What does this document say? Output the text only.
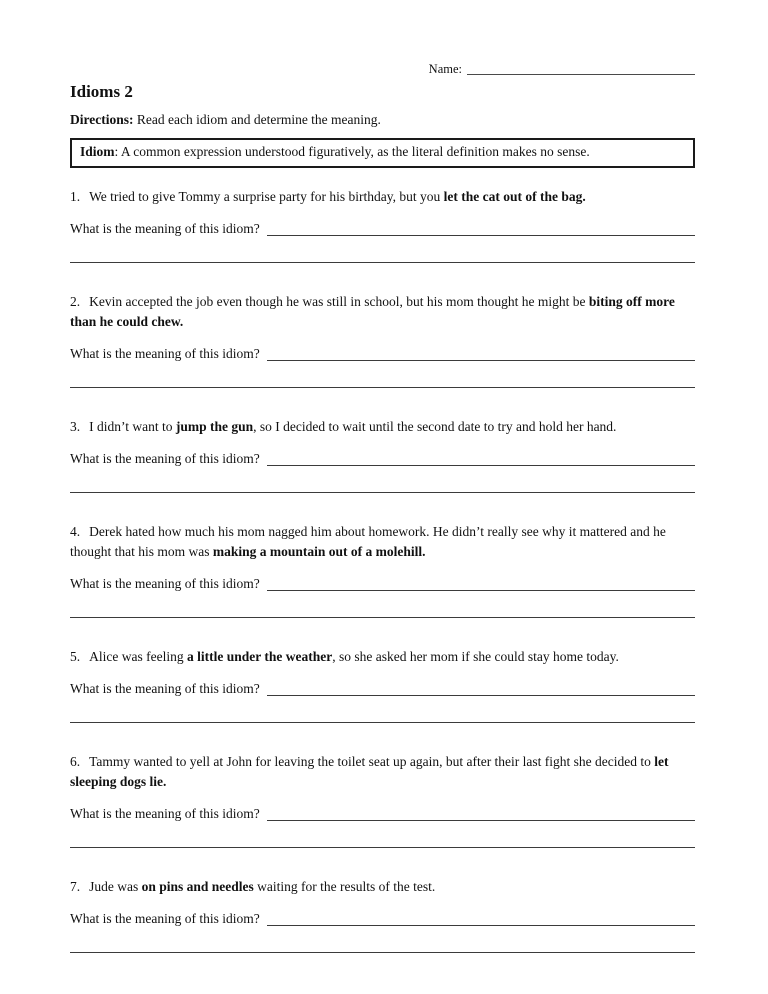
Name:
Idioms 2
Directions: Read each idiom and determine the meaning.
Idiom: A common expression understood figuratively, as the literal definition makes no sense.

1. We tried to give Tommy a surprise party for his birthday, but you let the cat out of the bag.

What is the meaning of this idiom?

2. Kevin accepted the job even though he was still in school, but his mom thought he might be biting off more than he could chew.

What is the meaning of this idiom?

3. I didn’t want to jump the gun, so I decided to wait until the second date to try and hold her hand.

What is the meaning of this idiom?

4. Derek hated how much his mom nagged him about homework. He didn’t really see why it mattered and he thought that his mom was making a mountain out of a molehill.

What is the meaning of this idiom?

5. Alice was feeling a little under the weather, so she asked her mom if she could stay home today.

What is the meaning of this idiom?

6. Tammy wanted to yell at John for leaving the toilet seat up again, but after their last fight she decided to let sleeping dogs lie.

What is the meaning of this idiom?

7. Jude was on pins and needles waiting for the results of the test.

What is the meaning of this idiom?
